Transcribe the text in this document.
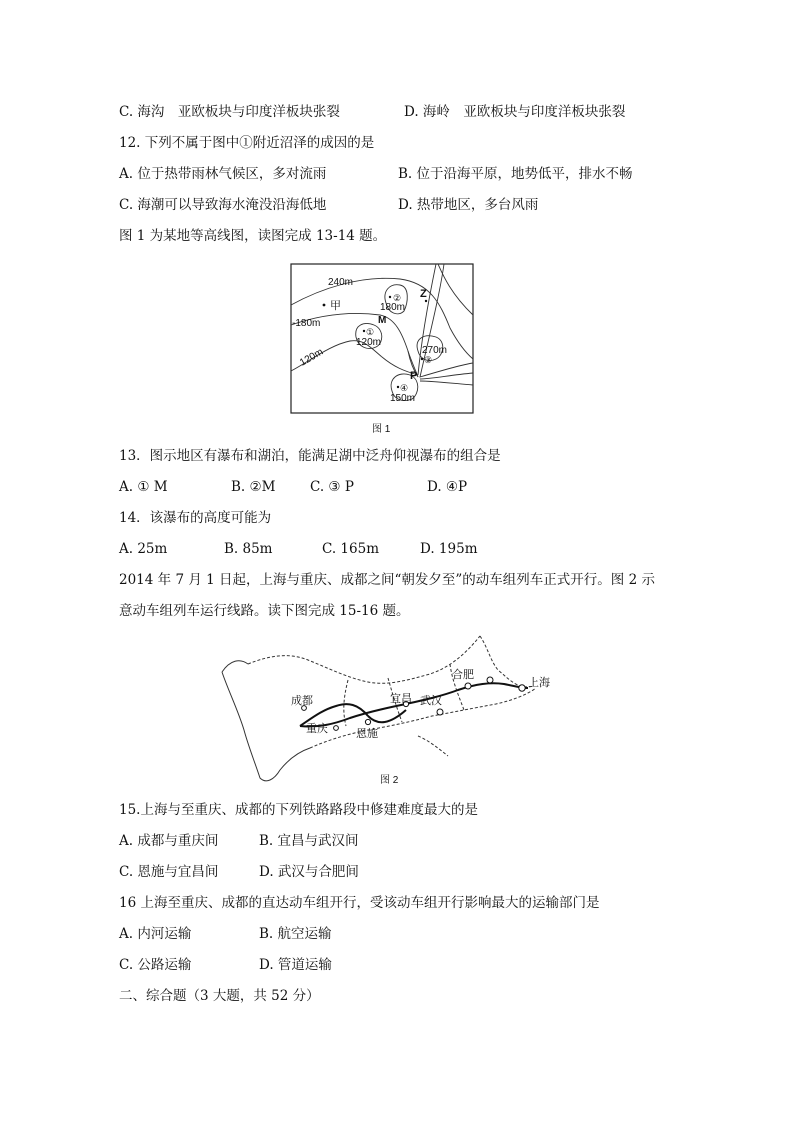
C. 海沟　亚欧板块与印度洋板块张裂	D. 海岭　亚欧板块与印度洋板块张裂
12. 下列不属于图中①附近沼泽的成因的是
A. 位于热带雨林气候区，多对流雨	B. 位于沿海平原，地势低平，排水不畅
C. 海潮可以导致海水淹没沿海低地	D. 热带地区，多台风雨
图 1 为某地等高线图，读图完成 13-14 题。
240m
180m
-180m
120m
120m	270m
150m
甲
Z
M
P
②
①
③
④
图 1
13．图示地区有瀑布和湖泊，能满足湖中泛舟仰视瀑布的组合是
A. ① M	B. ②M	C. ③ P	D. ④P
14．该瀑布的高度可能为
A. 25m	B. 85m	C. 165m	D. 195m
2014 年 7 月 1 日起，上海与重庆、成都之间“朝发夕至”的动车组列车正式开行。图 2 示
意动车组列车运行线路。读下图完成 15-16 题。
成都
重庆	恩施
宜昌 武汉
合肥
上海
图 2
15.上海与至重庆、成都的下列铁路路段中修建难度最大的是
A. 成都与重庆间	B. 宜昌与武汉间
C. 恩施与宜昌间	D. 武汉与合肥间
16 上海至重庆、成都的直达动车组开行，受该动车组开行影响最大的运输部门是
A. 内河运输	B. 航空运输
C. 公路运输	D. 管道运输
二、综合题（3 大题，共 52 分）
